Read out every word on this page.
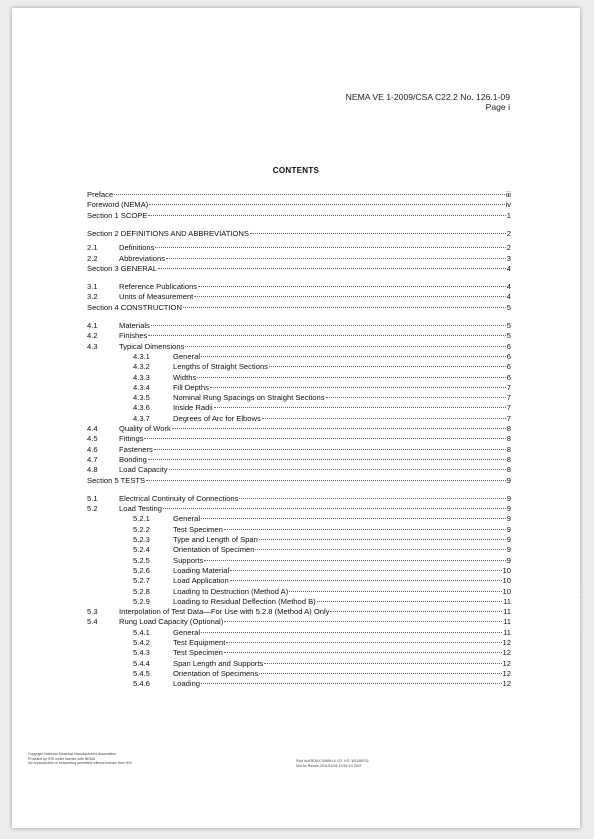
NEMA VE 1-2009/CSA C22.2 No. 126.1-09
Page i
CONTENTS
Preface	iii
Foreword (NEMA)	iv
Section 1 SCOPE	1
Section 2 DEFINITIONS AND ABBREVIATIONS	2
2.1	Definitions	2
2.2	Abbreviations	3
Section 3 GENERAL	4
3.1	Reference Publications	4
3.2	Units of Measurement	4
Section 4 CONSTRUCTION	5
4.1	Materials	5
4.2	Finishes	5
4.3	Typical Dimensions	6
4.3.1	General	6
4.3.2	Lengths of Straight Sections	6
4.3.3	Widths	6
4.3.4	Fill Depths	7
4.3.5	Nominal Rung Spacings on Straight Sections	7
4.3.6	Inside Radii	7
4.3.7	Degrees of Arc for Elbows	7
4.4	Quality of Work	8
4.5	Fittings	8
4.6	Fasteners	8
4.7	Bonding	8
4.8	Load Capacity	8
Section 5 TESTS	9
5.1	Electrical Continuity of Connections	9
5.2	Load Testing	9
5.2.1	General	9
5.2.2	Test Specimen	9
5.2.3	Type and Length of Span	9
5.2.4	Orientation of Specimen	9
5.2.5	Supports	9
5.2.6	Loading Material	10
5.2.7	Load Application	10
5.2.8	Loading to Destruction (Method A)	10
5.2.9	Loading to Residual Deflection (Method B)	11
5.3	Interpolation of Test Data—For Use with 5.2.8 (Method A) Only	11
5.4	Rung Load Capacity (Optional)	11
5.4.1	General	11
5.4.2	Test Equipment	12
5.4.3	Test Specimen	12
5.4.4	Span Length and Supports	12
5.4.5	Orientation of Specimens	12
5.4.6	Loading	12
Copyright National Electrical Manufacturers Association
Provided by IHS under license with NEMA
No reproduction or networking permitted without license from IHS
Sold to:KROAX GMBH & CO. KG, W1188702
Not for Resale,2011/10/31 10:52:10 GMT
⋮⋮⋮⋮⋮⋮⋮⋮⋮
